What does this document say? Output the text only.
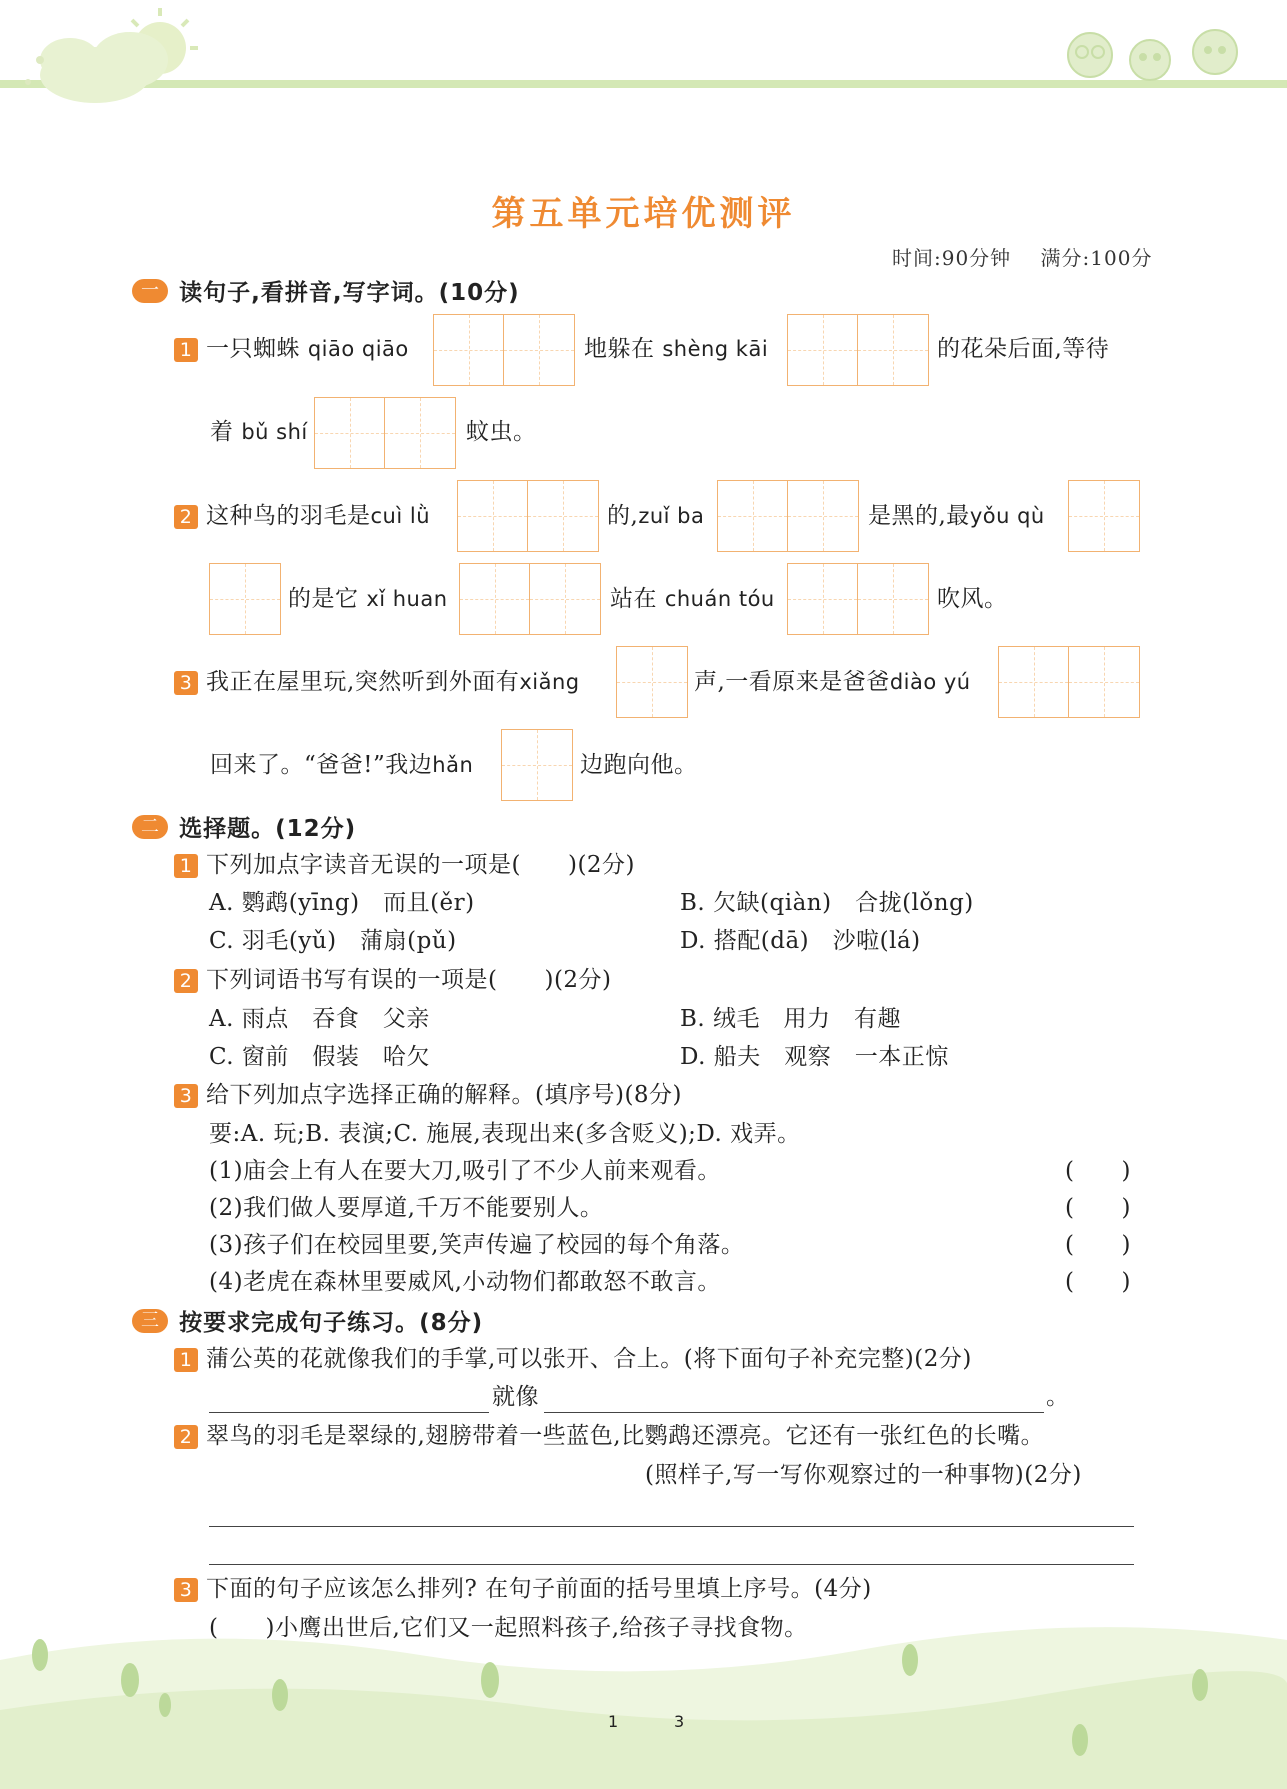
第五单元培优测评
时间:90分钟 满分:100分
一 读句子,看拼音,写字词。(10分)
1 一只蜘蛛 qiāo qiāo	地躲在 shèng kāi	的花朵后面,等待
着 bǔ shí	蚊虫。
2 这种鸟的羽毛是cuì lǜ	的,zuǐ ba	是黑的,最yǒu qù
的是它 xǐ huan	站在 chuán tóu	吹风。
3 我正在屋里玩,突然听到外面有xiǎng	声,一看原来是爸爸diào yú
回来了。“爸爸!”我边hǎn	边跑向他。
二 选择题。(12分)
1 下列加点字读音无误的一项是(　　)(2分)
A. 鹦鹉(yīng)　而且(ěr)	B. 欠缺(qiàn)　合拢(lǒng)
C. 羽毛(yǔ)　蒲扇(pǔ)	D. 搭配(dā)　沙啦(lá)
2 下列词语书写有误的一项是(　　)(2分)
A. 雨点　吞食　父亲	B. 绒毛　用力　有趣
C. 窗前　假装　哈欠	D. 船夫　观察　一本正惊
3 给下列加点字选择正确的解释。(填序号)(8分)
要:A. 玩;B. 表演;C. 施展,表现出来(多含贬义);D. 戏弄。
(1)庙会上有人在要大刀,吸引了不少人前来观看。	(　　)
(2)我们做人要厚道,千万不能要别人。	(　　)
(3)孩子们在校园里要,笑声传遍了校园的每个角落。	(　　)
(4)老虎在森林里要威风,小动物们都敢怒不敢言。	(　　)
三 按要求完成句子练习。(8分)
1 蒲公英的花就像我们的手掌,可以张开、合上。(将下面句子补充完整)(2分)
就像	。
2 翠鸟的羽毛是翠绿的,翅膀带着一些蓝色,比鹦鹉还漂亮。它还有一张红色的长嘴。
(照样子,写一写你观察过的一种事物)(2分)
3 下面的句子应该怎么排列? 在句子前面的括号里填上序号。(4分)
(　　)小鹰出世后,它们又一起照料孩子,给孩子寻找食物。
1	3
